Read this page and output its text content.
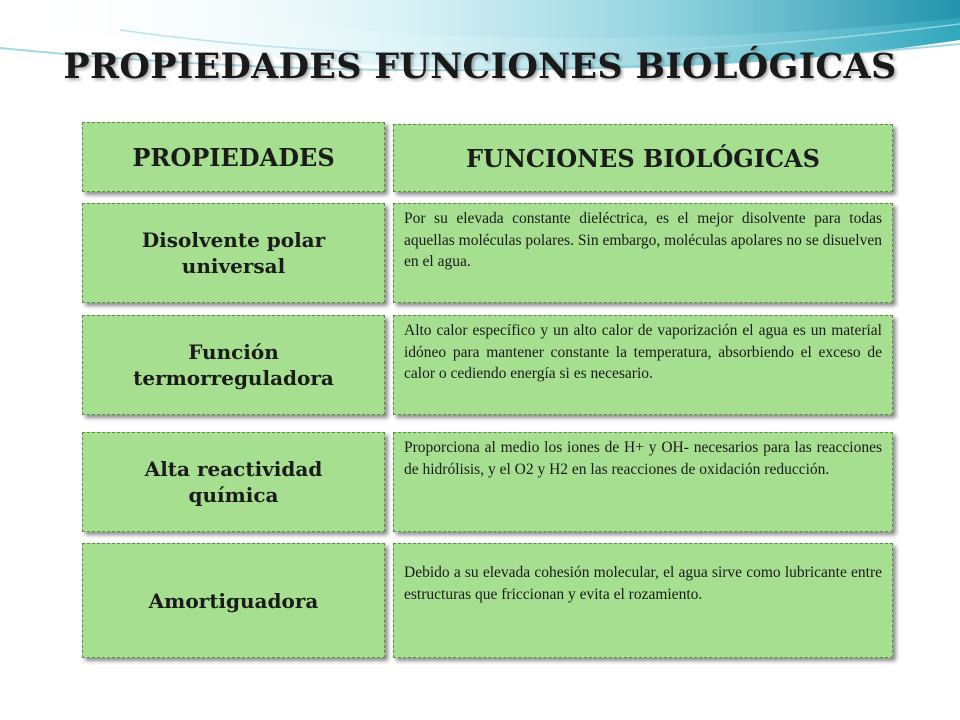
PROPIEDADES FUNCIONES BIOLÓGICAS
PROPIEDADES	FUNCIONES BIOLÓGICAS
Disolvente polar universal
Por su elevada constante dieléctrica, es el mejor disolvente para todas aquellas moléculas polares. Sin embargo, moléculas apolares no se disuelven en el agua.
Función termorreguladora
Alto calor específico y un alto calor de vaporización el agua es un material idóneo para mantener constante la temperatura, absorbiendo el exceso de calor o cediendo energía si es necesario.
Alta reactividad química
Proporciona al medio los iones de H+ y OH- necesarios para las reacciones de hidrólisis, y el O2 y H2 en las reacciones de oxidación reducción.
Amortiguadora
Debido a su elevada cohesión molecular, el agua sirve como lubricante entre estructuras que friccionan y evita el rozamiento.
